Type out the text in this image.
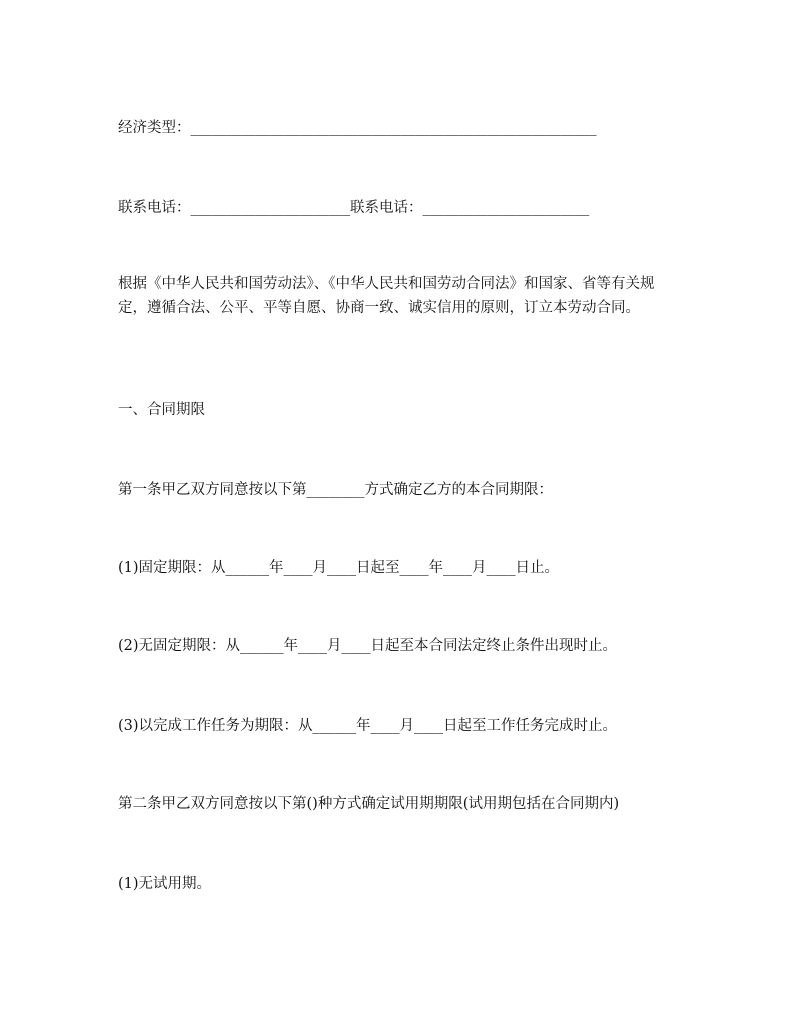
经济类型：________________________________________________________

联系电话：______________________联系电话：_______________________

根据《中华人民共和国劳动法》、《中华人民共和国劳动合同法》和国家、省等有关规定，遵循合法、公平、平等自愿、协商一致、诚实信用的原则，订立本劳动合同。

一、合同期限

第一条甲乙双方同意按以下第________方式确定乙方的本合同期限：

(1)固定期限：从______年____月____日起至____年____月____日止。

(2)无固定期限：从______年____月____日起至本合同法定终止条件出现时止。

(3)以完成工作任务为期限：从______年____月____日起至工作任务完成时止。

第二条甲乙双方同意按以下第()种方式确定试用期期限(试用期包括在合同期内)

(1)无试用期。
